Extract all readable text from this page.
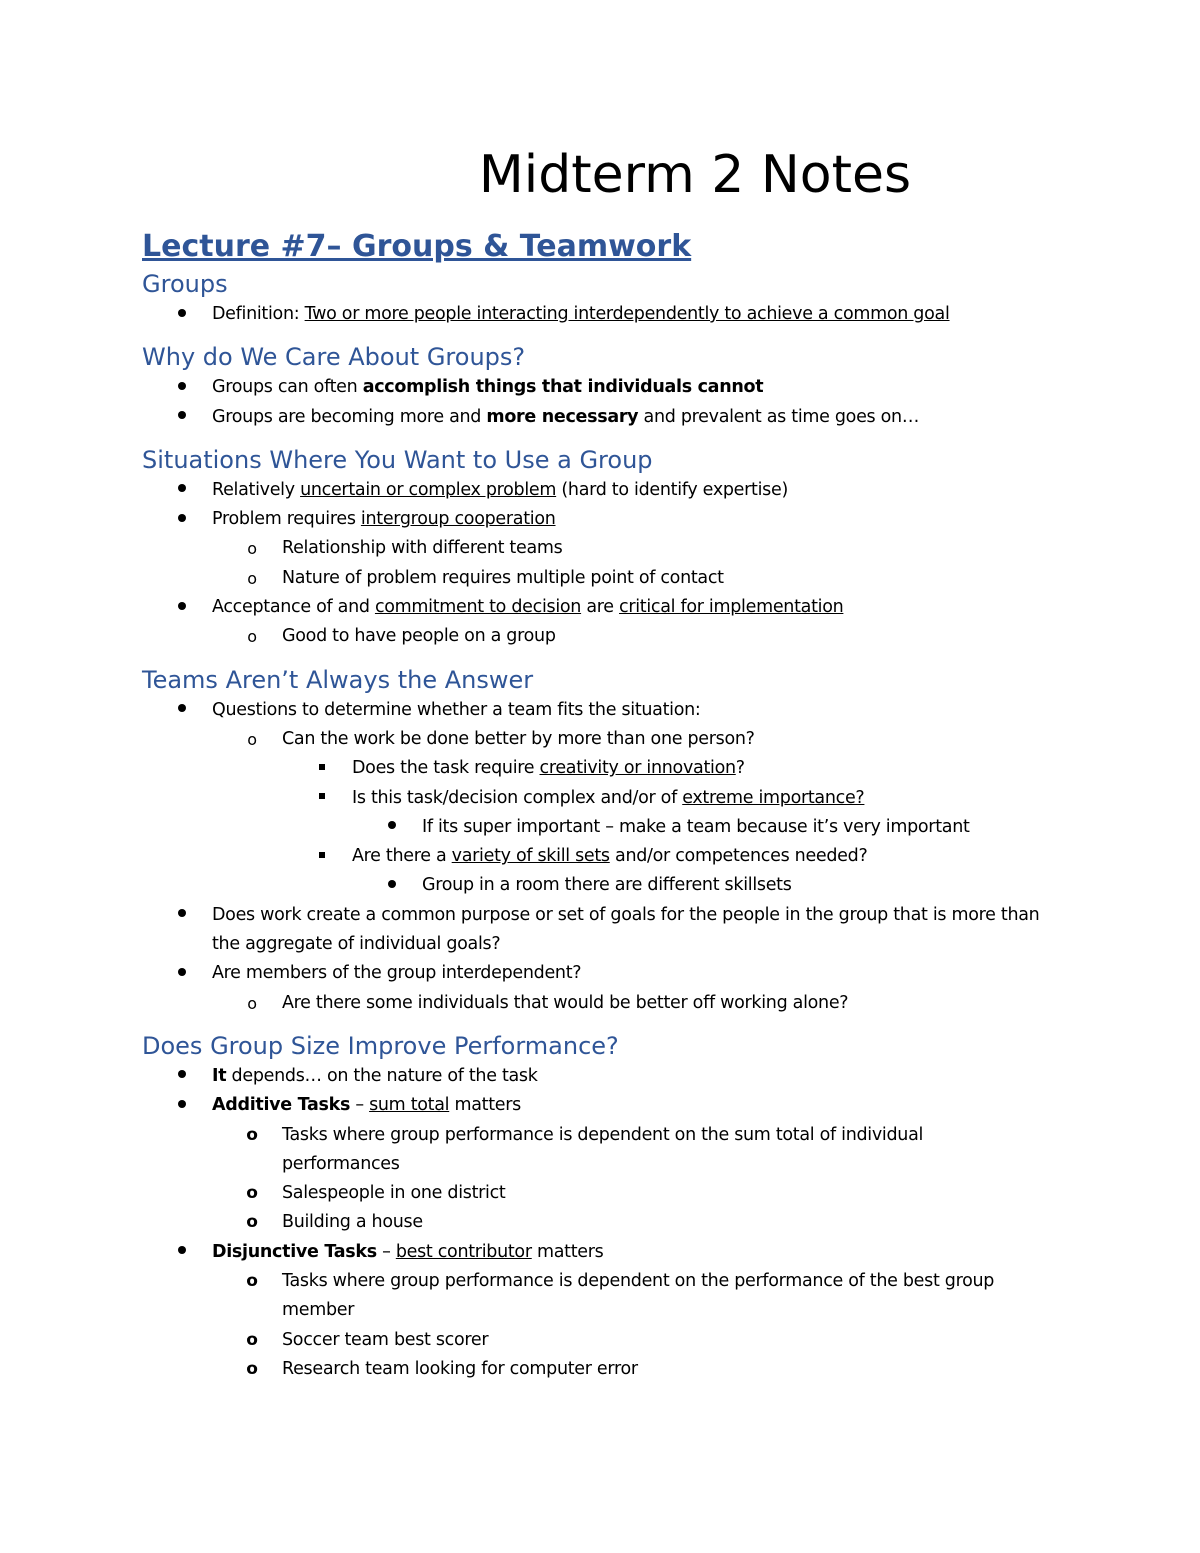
Midterm 2 Notes
Lecture #7– Groups & Teamwork
Groups
Definition: Two or more people interacting interdependently to achieve a common goal
Why do We Care About Groups?
Groups can often accomplish things that individuals cannot
Groups are becoming more and more necessary and prevalent as time goes on…
Situations Where You Want to Use a Group
Relatively uncertain or complex problem (hard to identify expertise)
Problem requires intergroup cooperation
o	Relationship with different teams
o	Nature of problem requires multiple point of contact
Acceptance of and commitment to decision are critical for implementation
o	Good to have people on a group
Teams Aren’t Always the Answer
Questions to determine whether a team fits the situation:
o	Can the work be done better by more than one person?
Does the task require creativity or innovation?
Is this task/decision complex and/or of extreme importance?
If its super important – make a team because it’s very important
Are there a variety of skill sets and/or competences needed?
Group in a room there are different skillsets
Does work create a common purpose or set of goals for the people in the group that is more than the aggregate of individual goals?
Are members of the group interdependent?
o	Are there some individuals that would be better off working alone?
Does Group Size Improve Performance?
It depends… on the nature of the task
Additive Tasks – sum total matters
o Tasks where group performance is dependent on the sum total of individual performances
o Salespeople in one district
o Building a house
Disjunctive Tasks – best contributor matters
o Tasks where group performance is dependent on the performance of the best group member
o Soccer team best scorer
o Research team looking for computer error
